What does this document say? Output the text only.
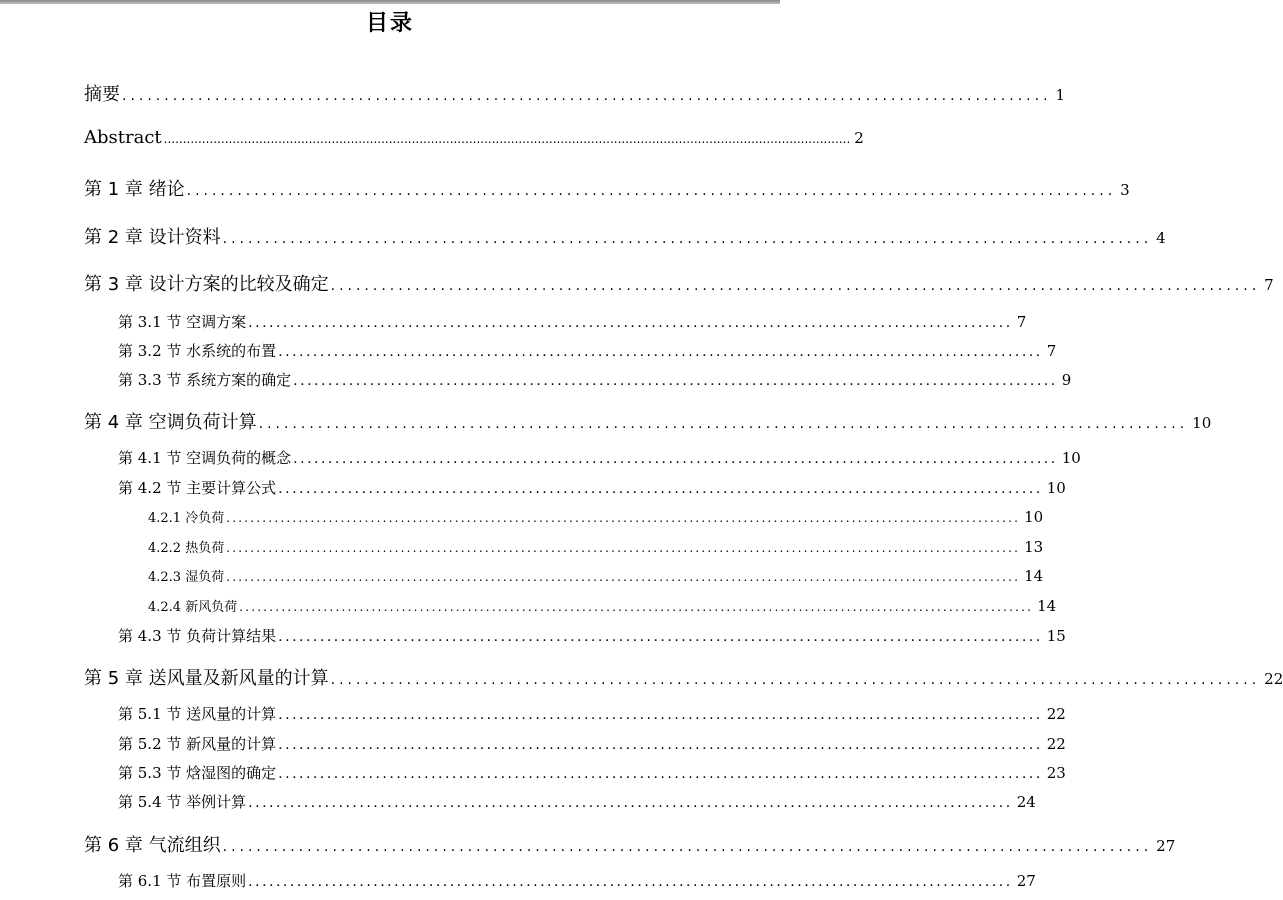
目录
摘要 .............................................................................................................. 1
Abstract .................................................................................................................................................................................... 2
第 1 章 绪论 .............................................................................................................. 3
第 2 章 设计资料 .............................................................................................................. 4
第 3 章 设计方案的比较及确定 .............................................................................................................. 7
第 3.1 节 空调方案 .............................................................................................................. 7
第 3.2 节 水系统的布置 .............................................................................................................. 7
第 3.3 节 系统方案的确定 .............................................................................................................. 9
第 4 章 空调负荷计算 .............................................................................................................. 10
第 4.1 节 空调负荷的概念 .............................................................................................................. 10
第 4.2 节 主要计算公式 .............................................................................................................. 10
4.2.1 冷负荷 .................................................................................................................................... 10
4.2.2 热负荷 .................................................................................................................................... 13
4.2.3 湿负荷 .................................................................................................................................... 14
4.2.4 新风负荷 .................................................................................................................................... 14
第 4.3 节 负荷计算结果 .............................................................................................................. 15
第 5 章 送风量及新风量的计算 .............................................................................................................. 22
第 5.1 节 送风量的计算 .............................................................................................................. 22
第 5.2 节 新风量的计算 .............................................................................................................. 22
第 5.3 节 焓湿图的确定 .............................................................................................................. 23
第 5.4 节 举例计算 .............................................................................................................. 24
第 6 章 气流组织 .............................................................................................................. 27
第 6.1 节 布置原则 .............................................................................................................. 27
